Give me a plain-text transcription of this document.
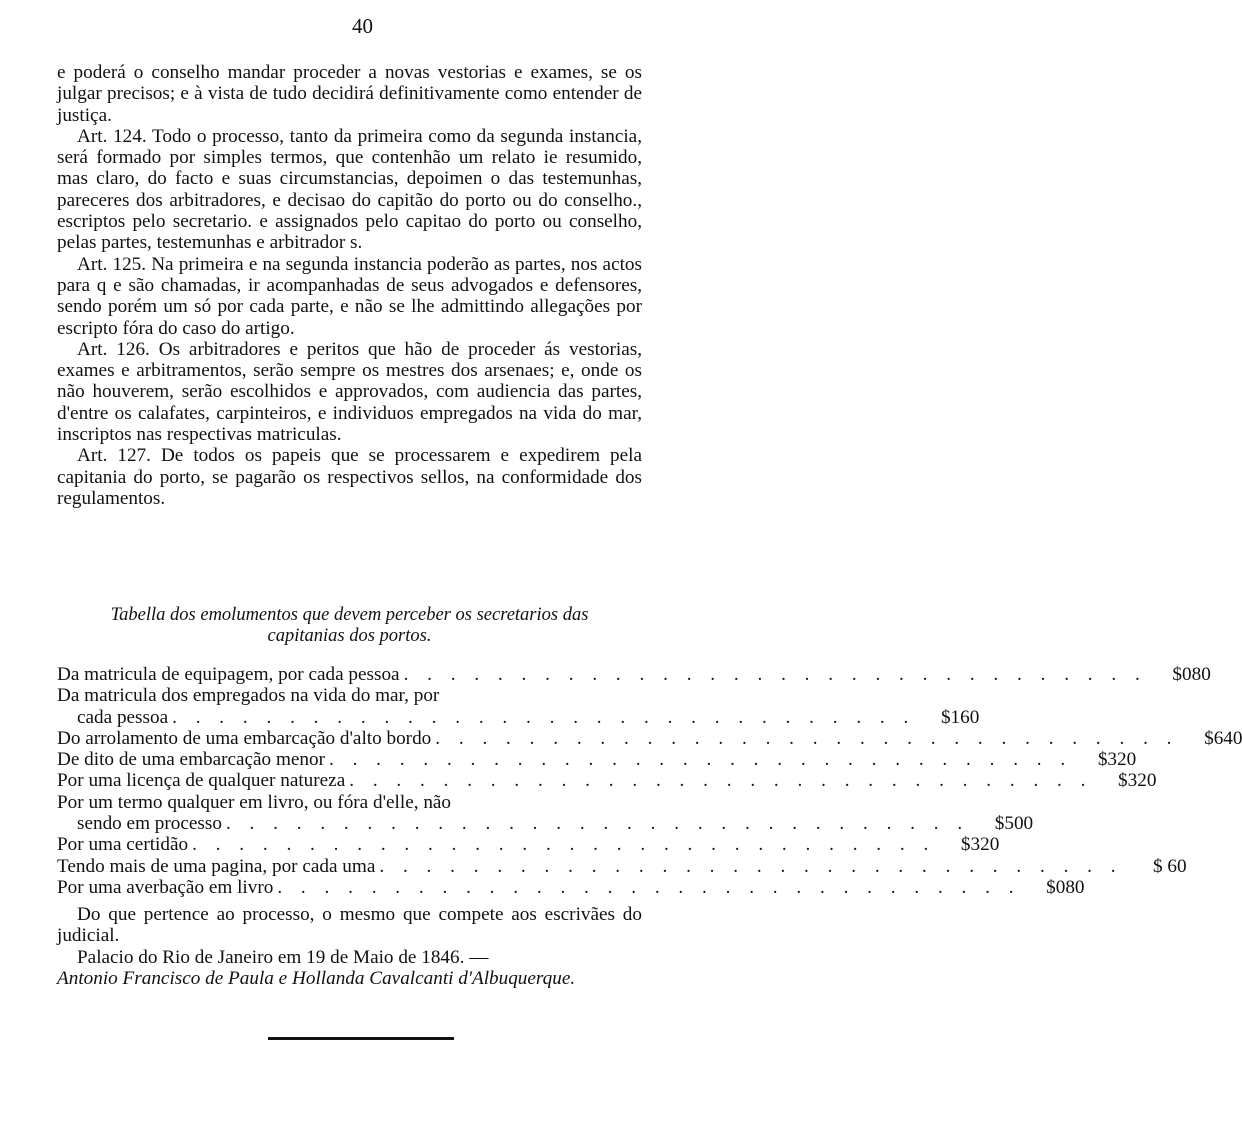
40

e poderá o conselho mandar proceder a novas vestorias e exames, se os julgar precisos; e à vista de tudo decidirá definitivamente como entender de justiça.

Art. 124. Todo o processo, tanto da primeira como da segunda instancia, será formado por simples termos, que contenhão um relato ie resumido, mas claro, do facto e suas circumstancias, depoimen o das testemunhas, pareceres dos arbitradores, e decisao do capitão do porto ou do conselho., escriptos pelo secretario. e assignados pelo capitao do porto ou conselho, pelas partes, testemunhas e arbitrador s.

Art. 125. Na primeira e na segunda instancia poderão as partes, nos actos para q e são chamadas, ir acompanhadas de seus advogados e defensores, sendo porém um só por cada parte, e não se lhe admittindo allegações por escripto fóra do caso do artigo.

Art. 126. Os arbitradores e peritos que hão de proceder ás vestorias, exames e arbitramentos, serão sempre os mestres dos arsenaes; e, onde os não houverem, serão escolhidos e approvados, com audiencia das partes, d'entre os calafates, carpinteiros, e individuos empregados na vida do mar, inscriptos nas respectivas matriculas.

Art. 127. De todos os papeis que se processarem e expedirem pela capitania do porto, se pagarão os respectivos sellos, na conformidade dos regulamentos.

Tabella dos emolumentos que devem perceber os secretarios das
capitanias dos portos.
Da matricula de equipagem, por cada pessoa . . . . . . . . . . . . . . . . . . . . . . . . . . . . . . . .	$080
Da matricula dos empregados na vida do mar, por
cada pessoa . . . . . . . . . . . . . . . . . . . . . . . . . . . . . . . .	$160
Do arrolamento de uma embarcação d'alto bordo . . . . . . . . . . . . . . . . . . . . . . . . . . . . . . . .	$640
De dito de uma embarcação menor . . . . . . . . . . . . . . . . . . . . . . . . . . . . . . . .	$320
Por uma licença de qualquer natureza . . . . . . . . . . . . . . . . . . . . . . . . . . . . . . . .	$320
Por um termo qualquer em livro, ou fóra d'elle, não
sendo em processo . . . . . . . . . . . . . . . . . . . . . . . . . . . . . . . .	$500
Por uma certidão . . . . . . . . . . . . . . . . . . . . . . . . . . . . . . . .	$320
Tendo mais de uma pagina, por cada uma . . . . . . . . . . . . . . . . . . . . . . . . . . . . . . . .	$ 60
Por uma averbação em livro . . . . . . . . . . . . . . . . . . . . . . . . . . . . . . . .	$080

Do que pertence ao processo, o mesmo que compete aos escrivães do judicial.

Palacio do Rio de Janeiro em 19 de Maio de 1846. —

Antonio Francisco de Paula e Hollanda Cavalcanti d'Albuquerque.
